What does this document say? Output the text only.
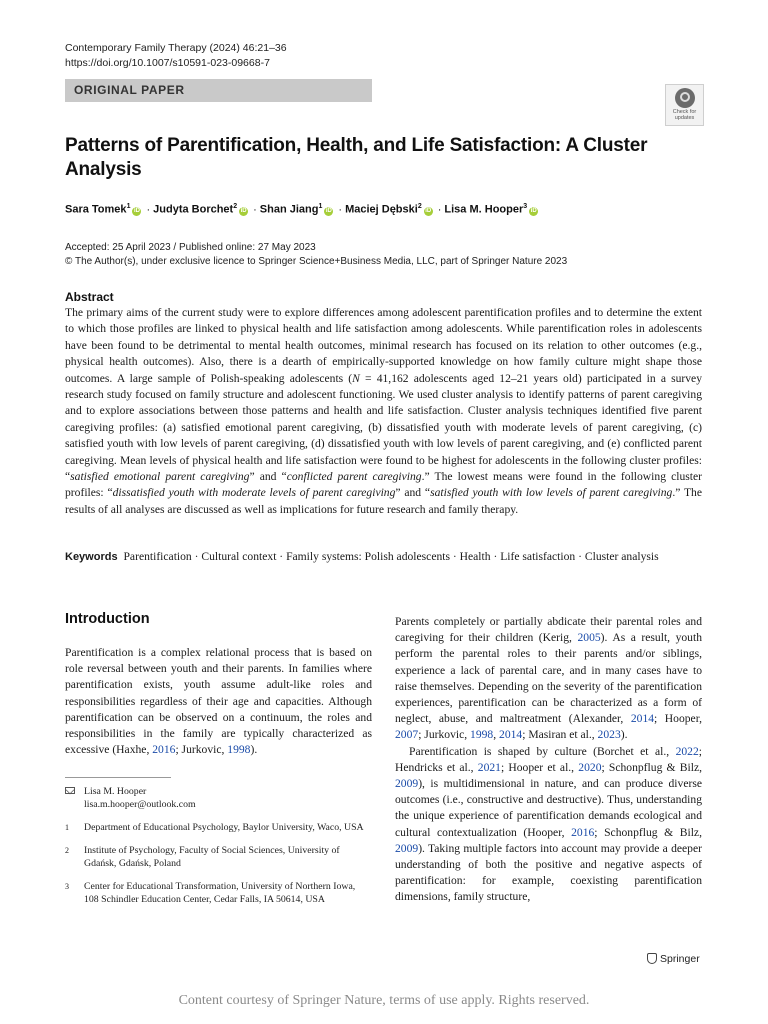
Contemporary Family Therapy (2024) 46:21–36
https://doi.org/10.1007/s10591-023-09668-7
ORIGINAL PAPER
Check for updates
Patterns of Parentification, Health, and Life Satisfaction: A Cluster Analysis
Sara Tomek$^1$iD · Judyta Borchet$^2$iD · Shan Jiang$^1$iD · Maciej Dębski$^2$iD · Lisa M. Hooper$^3$iD
Accepted: 25 April 2023 / Published online: 27 May 2023
© The Author(s), under exclusive licence to Springer Science+Business Media, LLC, part of Springer Nature 2023
Abstract

The primary aims of the current study were to explore differences among adolescent parentification profiles and to determine the extent to which those profiles are linked to physical health and life satisfaction among adolescents. While parentification roles in adolescents have been found to be detrimental to mental health outcomes, minimal research has focused on its relation to other outcomes (e.g., physical health outcomes). Also, there is a dearth of empirically-supported knowledge on how family culture might shape those outcomes. A large sample of Polish-speaking adolescents (N = 41,162 adolescents aged 12–21 years old) participated in a survey research study focused on family structure and adolescent functioning. We used cluster analysis to identify patterns of parent caregiving and to explore associations between those patterns and health and life satisfaction. Cluster analysis techniques identified five parent caregiving profiles: (a) satisfied emotional parent caregiving, (b) dissatisfied youth with moderate levels of parent caregiving, (c) satisfied youth with low levels of parent caregiving, (d) dissatisfied youth with low levels of parent caregiving, and (e) conflicted parent caregiving. Mean levels of physical health and life satisfaction were found to be highest for adolescents in the following cluster profiles: “satisfied emotional parent caregiving” and “conflicted parent caregiving.” The lowest means were found in the following cluster profiles: “dissatisfied youth with moderate levels of parent caregiving” and “satisfied youth with low levels of parent caregiving.” The results of all analyses are discussed as well as implications for future research and family therapy.

Keywords Parentification · Cultural context · Family systems: Polish adolescents · Health · Life satisfaction · Cluster analysis

Introduction

Parentification is a complex relational process that is based on role reversal between youth and their parents. In families where parentification exists, youth assume adult-like roles and responsibilities regardless of their age and capacities. Although parentification can be observed on a continuum, the roles and responsibilities in the family are typically characterized as excessive (Haxhe, 2016; Jurkovic, 1998).

Parents completely or partially abdicate their parental roles and caregiving for their children (Kerig, 2005). As a result, youth perform the parental roles to their parents and/or siblings, experience a lack of parental care, and in many cases have to raise themselves. Depending on the severity of the parentification experiences, parentification can be characterized as a form of neglect, abuse, and maltreatment (Alexander, 2014; Hooper, 2007; Jurkovic, 1998, 2014; Masiran et al., 2023).

Parentification is shaped by culture (Borchet et al., 2022; Hendricks et al., 2021; Hooper et al., 2020; Schonpflug & Bilz, 2009), is multidimensional in nature, and can produce diverse outcomes (i.e., constructive and destructive). Thus, understanding the unique experience of parentification demands ecological and cultural contextualization (Hooper, 2016; Schonpflug & Bilz, 2009). Taking multiple factors into account may provide a deeper understanding of both the positive and negative aspects of parentification: for example, coexisting parentification dimensions, family structure,

Lisa M. Hooper
lisa.m.hooper@outlook.com
1 Department of Educational Psychology, Baylor University, Waco, USA
2 Institute of Psychology, Faculty of Social Sciences, University of Gdańsk, Gdańsk, Poland
3 Center for Educational Transformation, University of Northern Iowa, 108 Schindler Education Center, Cedar Falls, IA 50614, USA
Springer
Content courtesy of Springer Nature, terms of use apply. Rights reserved.
